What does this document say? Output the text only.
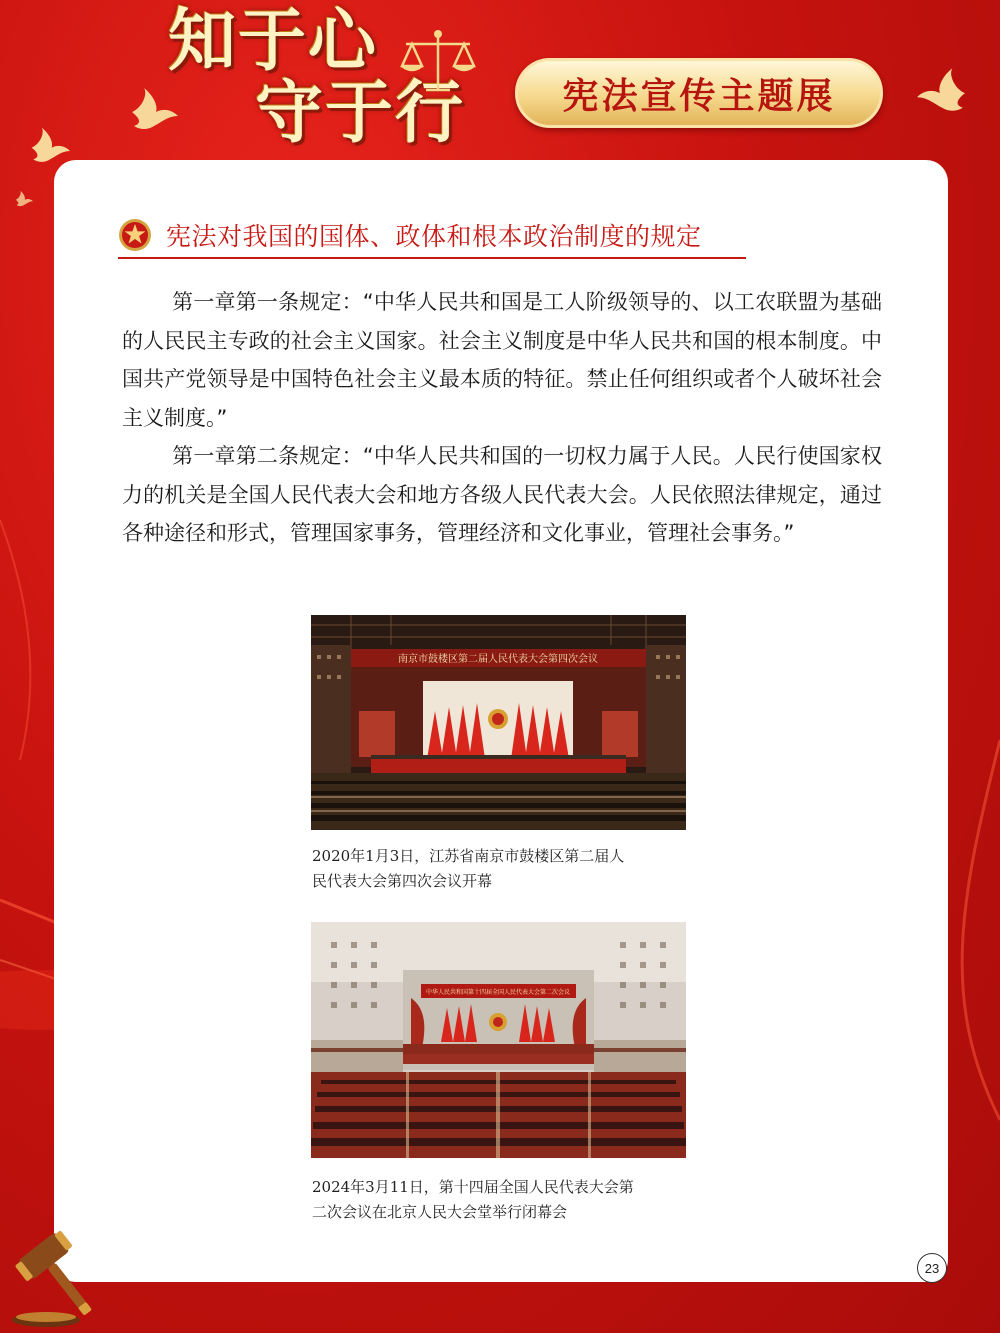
知于心
守于行	宪法宣传主题展
宪法对我国的国体、政体和根本政治制度的规定

第一章第一条规定：“中华人民共和国是工人阶级领导的、以工农联盟为基础的人民民主专政的社会主义国家。社会主义制度是中华人民共和国的根本制度。中国共产党领导是中国特色社会主义最本质的特征。禁止任何组织或者个人破坏社会主义制度。”

第一章第二条规定：“中华人民共和国的一切权力属于人民。人民行使国家权力的机关是全国人民代表大会和地方各级人民代表大会。人民依照法律规定，通过各种途径和形式，管理国家事务，管理经济和文化事业，管理社会事务。”

南京市鼓楼区第二届人民代表大会第四次会议
2020年1月3日，江苏省南京市鼓楼区第二届人
民代表大会第四次会议开幕
中华人民共和国第十四届全国人民代表大会第二次会议
2024年3月11日，第十四届全国人民代表大会第
二次会议在北京人民大会堂举行闭幕会
23
